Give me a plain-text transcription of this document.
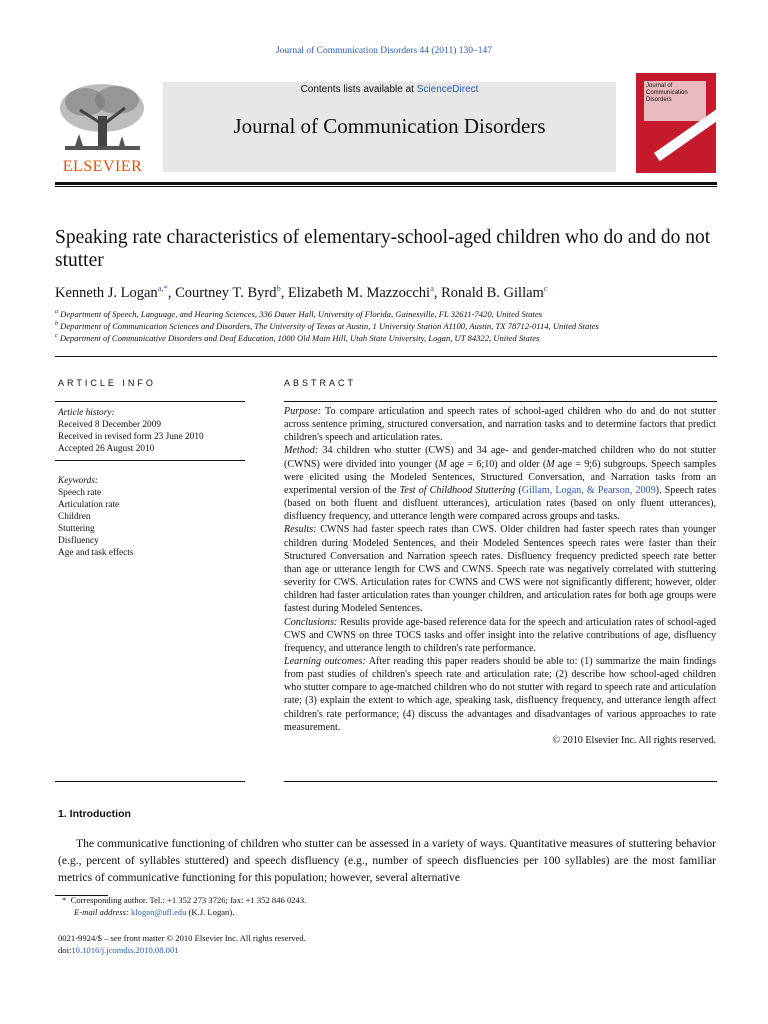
Journal of Communication Disorders 44 (2011) 130–147
ELSEVIER
Contents lists available at ScienceDirect
Journal of Communication Disorders
Journal of Communication Disorders
Speaking rate characteristics of elementary-school-aged children who do and do not stutter
Kenneth J. Logan$^{a,*}$, Courtney T. Byrd$^b$, Elizabeth M. Mazzocchi$^a$, Ronald B. Gillam$^c$
$^a$ Department of Speech, Language, and Hearing Sciences, 336 Dauer Hall, University of Florida, Gainesville, FL 32611-7420, United States
$^b$ Department of Communication Sciences and Disorders, The University of Texas at Austin, 1 University Station A1100, Austin, TX 78712-0114, United States
$^c$ Department of Communicative Disorders and Deaf Education, 1000 Old Main Hill, Utah State University, Logan, UT 84322, United States
ARTICLE INFO	ABSTRACT
Article history:
Received 8 December 2009
Received in revised form 23 June 2010
Accepted 26 August 2010
Keywords:
Speech rate
Articulation rate
Children
Stuttering
Disfluency
Age and task effects
Purpose: To compare articulation and speech rates of school-aged children who do and do not stutter across sentence priming, structured conversation, and narration tasks and to determine factors that predict children's speech and articulation rates.
Method: 34 children who stutter (CWS) and 34 age- and gender-matched children who do not stutter (CWNS) were divided into younger (M age = 6;10) and older (M age = 9;6) subgroups. Speech samples were elicited using the Modeled Sentences, Structured Conversation, and Narration tasks from an experimental version of the Test of Childhood Stuttering (Gillam, Logan, & Pearson, 2009). Speech rates (based on both fluent and disfluent utterances), articulation rates (based on only fluent utterances), disfluency frequency, and utterance length were compared across groups and tasks.
Results: CWNS had faster speech rates than CWS. Older children had faster speech rates than younger children during Modeled Sentences, and their Modeled Sentences speech rates were faster than their Structured Conversation and Narration speech rates. Disfluency frequency predicted speech rate better than age or utterance length for CWS and CWNS. Speech rate was negatively correlated with stuttering severity for CWS. Articulation rates for CWNS and CWS were not significantly different; however, older children had faster articulation rates than younger children, and articulation rates for both age groups were fastest during Modeled Sentences.
Conclusions: Results provide age-based reference data for the speech and articulation rates of school-aged CWS and CWNS on three TOCS tasks and offer insight into the relative contributions of age, disfluency frequency, and utterance length to children's rate performance.
Learning outcomes: After reading this paper readers should be able to: (1) summarize the main findings from past studies of children's speech rate and articulation rate; (2) describe how school-aged children who stutter compare to age-matched children who do not stutter with regard to speech rate and articulation rate; (3) explain the extent to which age, speaking task, disfluency frequency, and utterance length affect children's rate performance; (4) discuss the advantages and disadvantages of various approaches to rate measurement.
© 2010 Elsevier Inc. All rights reserved.
1. Introduction
The communicative functioning of children who stutter can be assessed in a variety of ways. Quantitative measures of stuttering behavior (e.g., percent of syllables stuttered) and speech disfluency (e.g., number of speech disfluencies per 100 syllables) are the most familiar metrics of communicative functioning for this population; however, several alternative
* Corresponding author. Tel.: +1 352 273 3726; fax: +1 352 846 0243.
E-mail address: klogan@ufl.edu (K.J. Logan).
0021-9924/$ – see front matter © 2010 Elsevier Inc. All rights reserved.
doi:10.1016/j.jcomdis.2010.08.001
